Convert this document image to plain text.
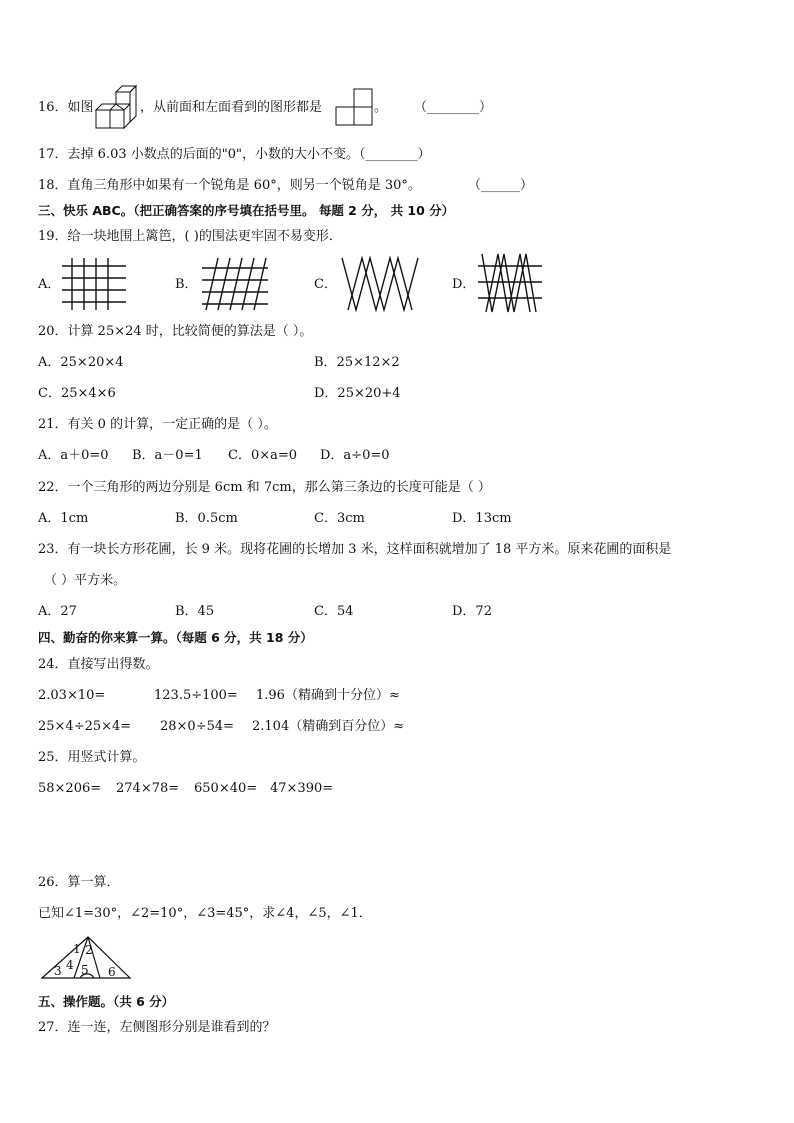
16．如图	，从前面和左面看到的图形都是	。 （________）
17．去掉 6.03 小数点的后面的"0"，小数的大小不变。（________）
18．直角三角形中如果有一个锐角是 60°，则另一个锐角是 30°。	（______）
三、快乐 ABC。（把正确答案的序号填在括号里。 每题 2 分， 共 10 分）
19．给一块地围上篱笆，( )的围法更牢固不易变形．
A．	B．	C．	D．
20．计算 25×24 时，比较简便的算法是（ ）。
A．25×20×4	B．25×12×2
C．25×4×6	D．25×20+4
21．有关 0 的计算，一定正确的是（ ）。
A．a＋0=0 B．a－0=1 C．0×a=0 D．a÷0=0
22．一个三角形的两边分别是 6cm 和 7cm，那么第三条边的长度可能是（ ）
A．1cm	B．0.5cm	C．3cm	D．13cm
23．有一块长方形花圃，长 9 米。现将花圃的长增加 3 米，这样面积就增加了 18 平方米。原来花圃的面积是
（ ）平方米。
A．27	B．45	C．54	D．72
四、勤奋的你来算一算。（每题 6 分，共 18 分）
24．直接写出得数。
2.03×10=	123.5÷100= 1.96（精确到十分位）≈
25×4÷25×4= 28×0÷54= 2.104（精确到百分位）≈
25．用竖式计算。
58×206= 274×78= 650×40= 47×390=
26．算一算．
已知∠1=30°，∠2=10°，∠3=45°，求∠4，∠5，∠1．
1 2
3 4 5 6
五、操作题。（共 6 分）
27．连一连，左侧图形分别是谁看到的？
